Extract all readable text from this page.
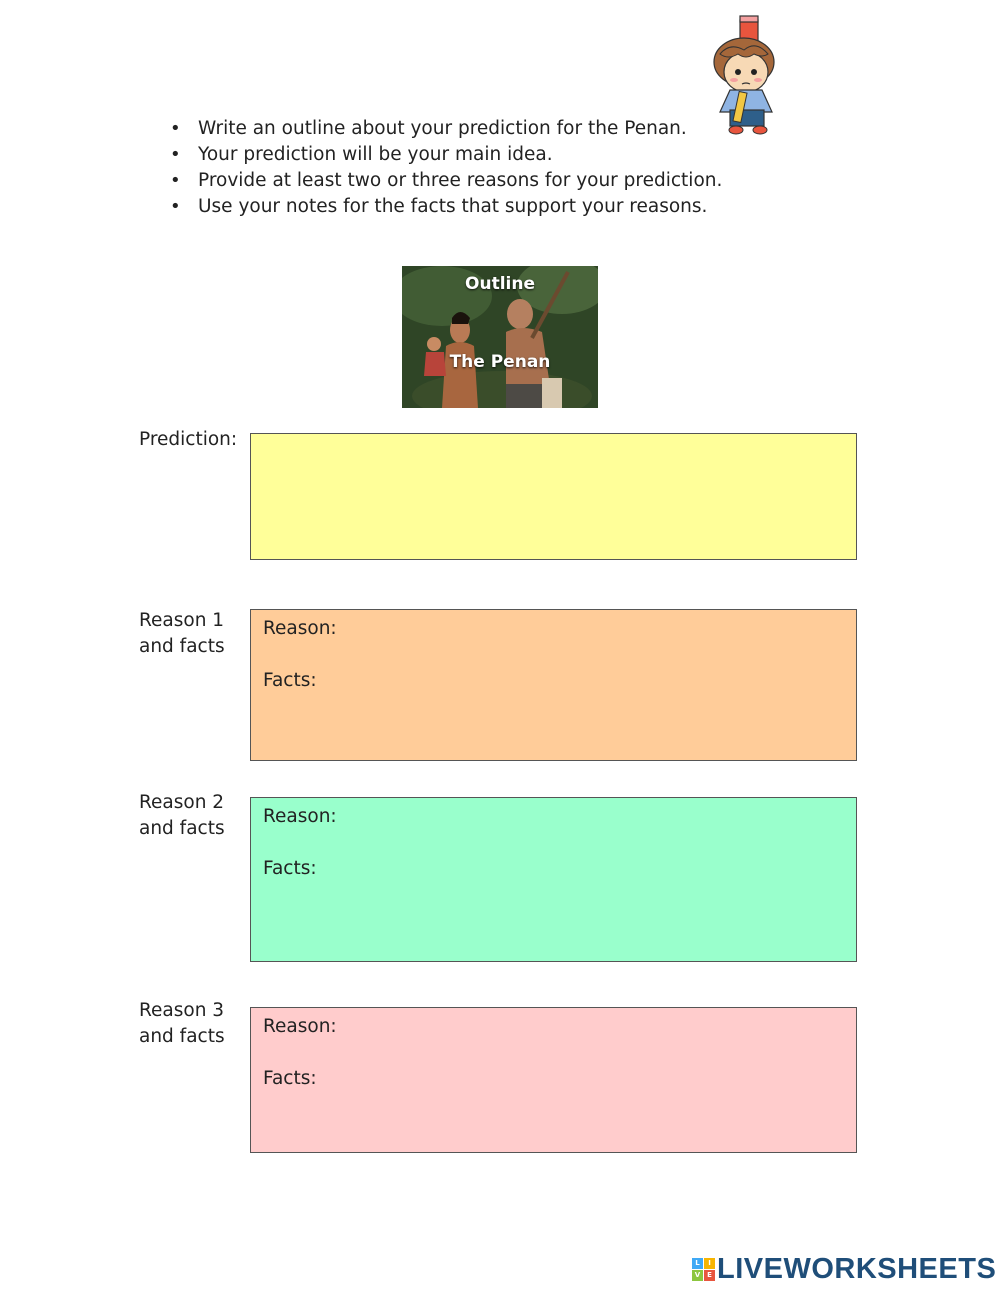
• Write an outline about your prediction for the Penan.
• Your prediction will be your main idea.
• Provide at least two or three reasons for your prediction.
• Use your notes for the facts that support your reasons.
Outline
The Penan
Prediction:
Reason 1
and facts
Reason:
Facts:
Reason 2
and facts
Reason:
Facts:
Reason 3
and facts Reason:
Facts:
L	I
V E LIVEWORKSHEETS
